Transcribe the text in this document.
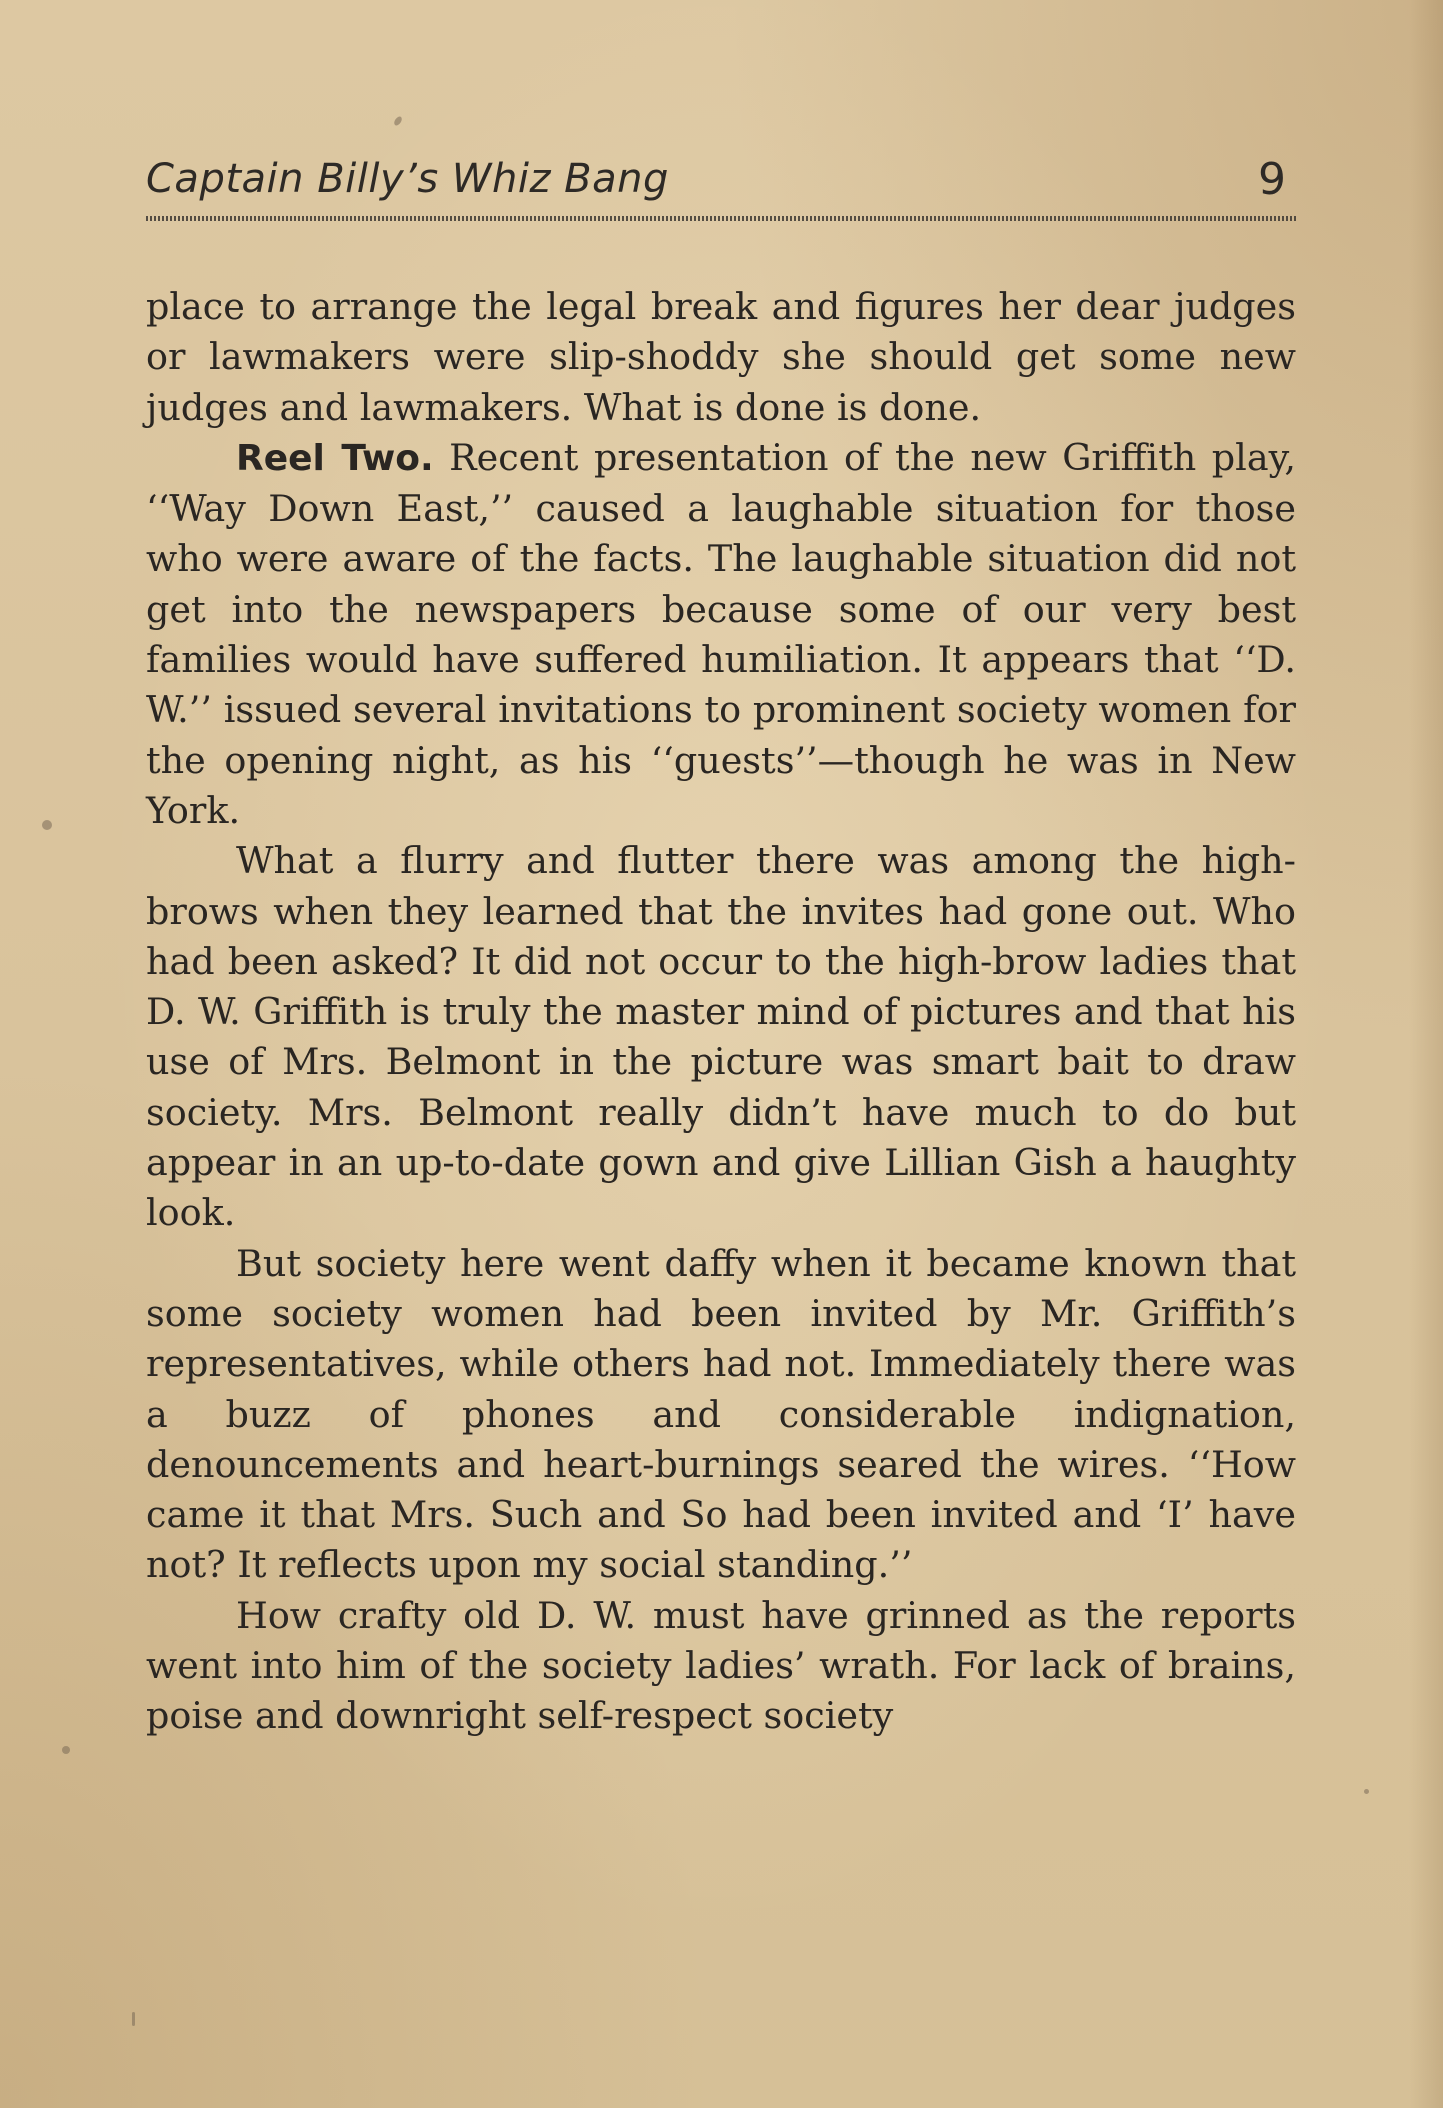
Captain Billy’s Whiz Bang	9

place to arrange the legal break and figures her dear judges or lawmakers were slip-shoddy she should get some new judges and lawmakers. What is done is done.

Reel Two. Recent presentation of the new Griffith play, ‘‘Way Down East,’’ caused a laughable situation for those who were aware of the facts. The laughable situation did not get into the newspapers because some of our very best families would have suffered humiliation. It appears that ‘‘D. W.’’ issued several invitations to prominent society women for the opening night, as his ‘‘guests’’—though he was in New York.

What a flurry and flutter there was among the high-brows when they learned that the invites had gone out. Who had been asked? It did not occur to the high-brow ladies that D. W. Griffith is truly the master mind of pictures and that his use of Mrs. Belmont in the picture was smart bait to draw society. Mrs. Belmont really didn’t have much to do but appear in an up-to-date gown and give Lillian Gish a haughty look.

But society here went daffy when it became known that some society women had been invited by Mr. Griffith’s representatives, while others had not. Immediately there was a buzz of phones and considerable indignation, denouncements and heart-burnings seared the wires. ‘‘How came it that Mrs. Such and So had been invited and ‘I’ have not? It reflects upon my social standing.’’

How crafty old D. W. must have grinned as the reports went into him of the society ladies’ wrath. For lack of brains, poise and downright self-respect society
